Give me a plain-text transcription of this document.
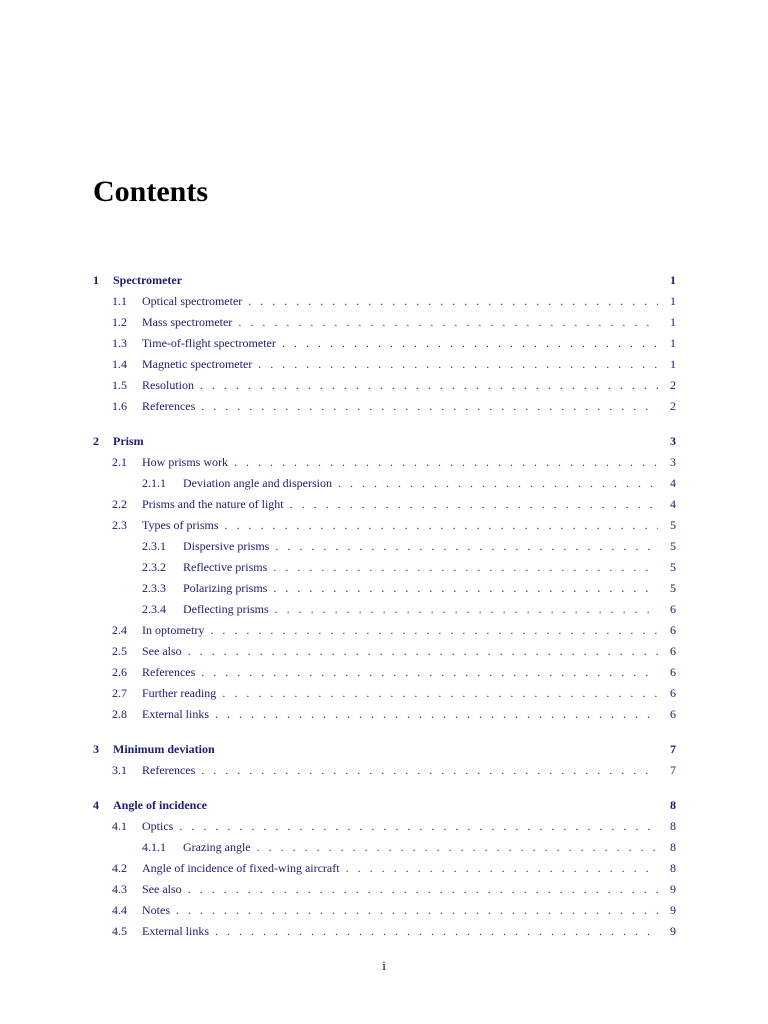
Contents
1	Spectrometer	1
1.1	Optical spectrometer . . .	1
1.2	Mass spectrometer . . .	1
1.3	Time-of-flight spectrometer . . .	1
1.4	Magnetic spectrometer . . .	1
1.5	Resolution . . .	2
1.6	References . . .	2
2	Prism	3
2.1	How prisms work . . .	3
2.1.1	Deviation angle and dispersion . . .	4
2.2	Prisms and the nature of light . . .	4
2.3	Types of prisms . . .	5
2.3.1	Dispersive prisms . . .	5
2.3.2	Reflective prisms . . .	5
2.3.3	Polarizing prisms . . .	5
2.3.4	Deflecting prisms . . .	6
2.4	In optometry . . .	6
2.5	See also . . .	6
2.6	References . . .	6
2.7	Further reading . . .	6
2.8	External links . . .	6
3	Minimum deviation	7
3.1	References . . .	7
4	Angle of incidence	8
4.1	Optics . . .	8
4.1.1	Grazing angle . . .	8
4.2	Angle of incidence of fixed-wing aircraft . . .	8
4.3	See also . . .	9
4.4	Notes . . .	9
4.5	External links . . .	9
i
